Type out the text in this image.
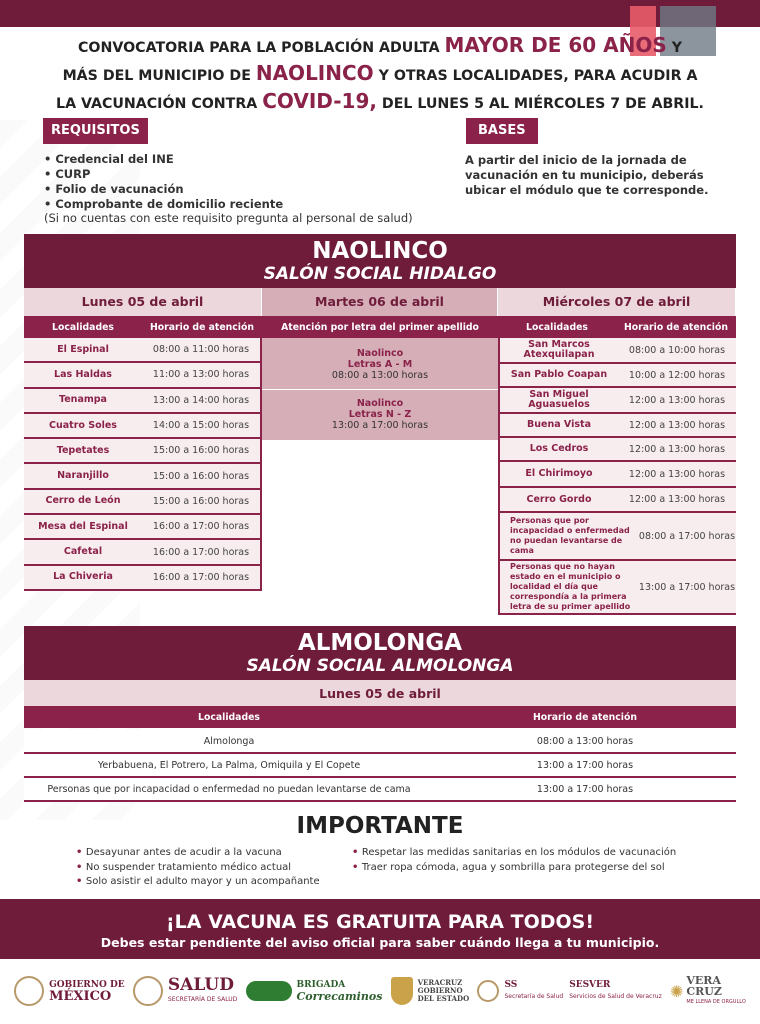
CONVOCATORIA PARA LA POBLACIÓN ADULTA MAYOR DE 60 AÑOS Y
MÁS DEL MUNICIPIO DE NAOLINCO Y OTRAS LOCALIDADES, PARA ACUDIR A
LA VACUNACIÓN CONTRA COVID-19, DEL LUNES 5 AL MIÉRCOLES 7 DE ABRIL.
REQUISITOS
• Credencial del INE
• CURP
• Folio de vacunación
• Comprobante de domicilio reciente
(Si no cuentas con este requisito pregunta al personal de salud)
BASES
A partir del inicio de la jornada de vacunación en tu municipio, deberás ubicar el módulo que te corresponde.
NAOLINCO
SALÓN SOCIAL HIDALGO
Lunes 05 de abril
Localidades	Horario de atención
El Espinal	08:00 a 11:00 horas
Las Haldas	11:00 a 13:00 horas
Tenampa	13:00 a 14:00 horas
Cuatro Soles	14:00 a 15:00 horas
Tepetates	15:00 a 16:00 horas
Naranjillo	15:00 a 16:00 horas
Cerro de León	15:00 a 16:00 horas
Mesa del Espinal	16:00 a 17:00 horas
Cafetal	16:00 a 17:00 horas
La Chiveria	16:00 a 17:00 horas
Martes 06 de abril
Atención por letra del primer apellido
Naolinco
Letras A - M
08:00 a 13:00 horas
Naolinco
Letras N - Z
13:00 a 17:00 horas
Miércoles 07 de abril
Localidades	Horario de atención
San Marcos Atexquilapan	08:00 a 10:00 horas
San Pablo Coapan	10:00 a 12:00 horas
San Miguel Aguasuelos	12:00 a 13:00 horas
Buena Vista	12:00 a 13:00 horas
Los Cedros	12:00 a 13:00 horas
El Chirimoyo	12:00 a 13:00 horas
Cerro Gordo	12:00 a 13:00 horas
Personas que por incapacidad o enfermedad no puedan levantarse de cama
08:00 a 17:00 horas
Personas que no hayan estado en el municipio o localidad el día que correspondía a la primera letra de su primer apellido
13:00 a 17:00 horas
ALMOLONGA
SALÓN SOCIAL ALMOLONGA
Lunes 05 de abril
Localidades	Horario de atención
Almolonga	08:00 a 13:00 horas
Yerbabuena, El Potrero, La Palma, Omiquila y El Copete	13:00 a 17:00 horas
Personas que por incapacidad o enfermedad no puedan levantarse de cama	13:00 a 17:00 horas
IMPORTANTE
• Desayunar antes de acudir a la vacuna
• No suspender tratamiento médico actual
• Solo asistir el adulto mayor y un acompañante
• Respetar las medidas sanitarias en los módulos de vacunación
• Traer ropa cómoda, agua y sombrilla para protegerse del sol
¡LA VACUNA ES GRATUITA PARA TODOS!
Debes estar pendiente del aviso oficial para saber cuándo llega a tu municipio.
GOBIERNO DE
MÉXICO
SALUD
SECRETARÍA DE SALUD
BRIGADA
Correcaminos
VERACRUZ
GOBIERNO
DEL ESTADO
SS
Secretaría de Salud
SESVER
Servicios de Salud de Veracruz ✺
VERA
CRUZ
ME LLENA DE ORGULLO
